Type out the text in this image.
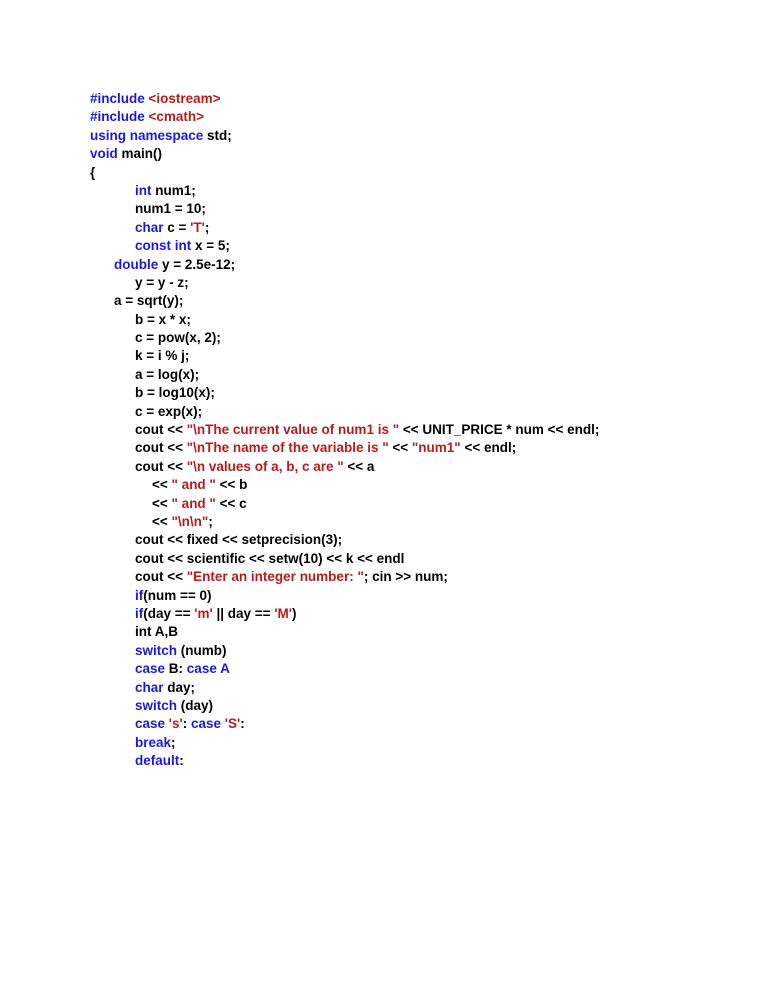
#include <iostream>
#include <cmath>
using namespace std;
void main()
{
int num1;
num1 = 10;
char c = 'T';
const int x = 5;
double y = 2.5e-12;
y = y - z;
a = sqrt(y);
b = x * x;
c = pow(x, 2);
k = i % j;
a = log(x);
b = log10(x);
c = exp(x);
cout << "\nThe current value of num1 is " << UNIT_PRICE * num << endl;
cout << "\nThe name of the variable is " << "num1" << endl;
cout << "\n values of a, b, c are " << a
<< " and " << b
<< " and " << c
<< "\n\n";
cout << fixed << setprecision(3);
cout << scientific << setw(10) << k << endl
cout << "Enter an integer number: "; cin >> num;
if(num == 0)
if(day == 'm' || day == 'M')
int A,B
switch (numb)
case B: case A
char day;
switch (day)
case 's': case 'S':
break;
default:
